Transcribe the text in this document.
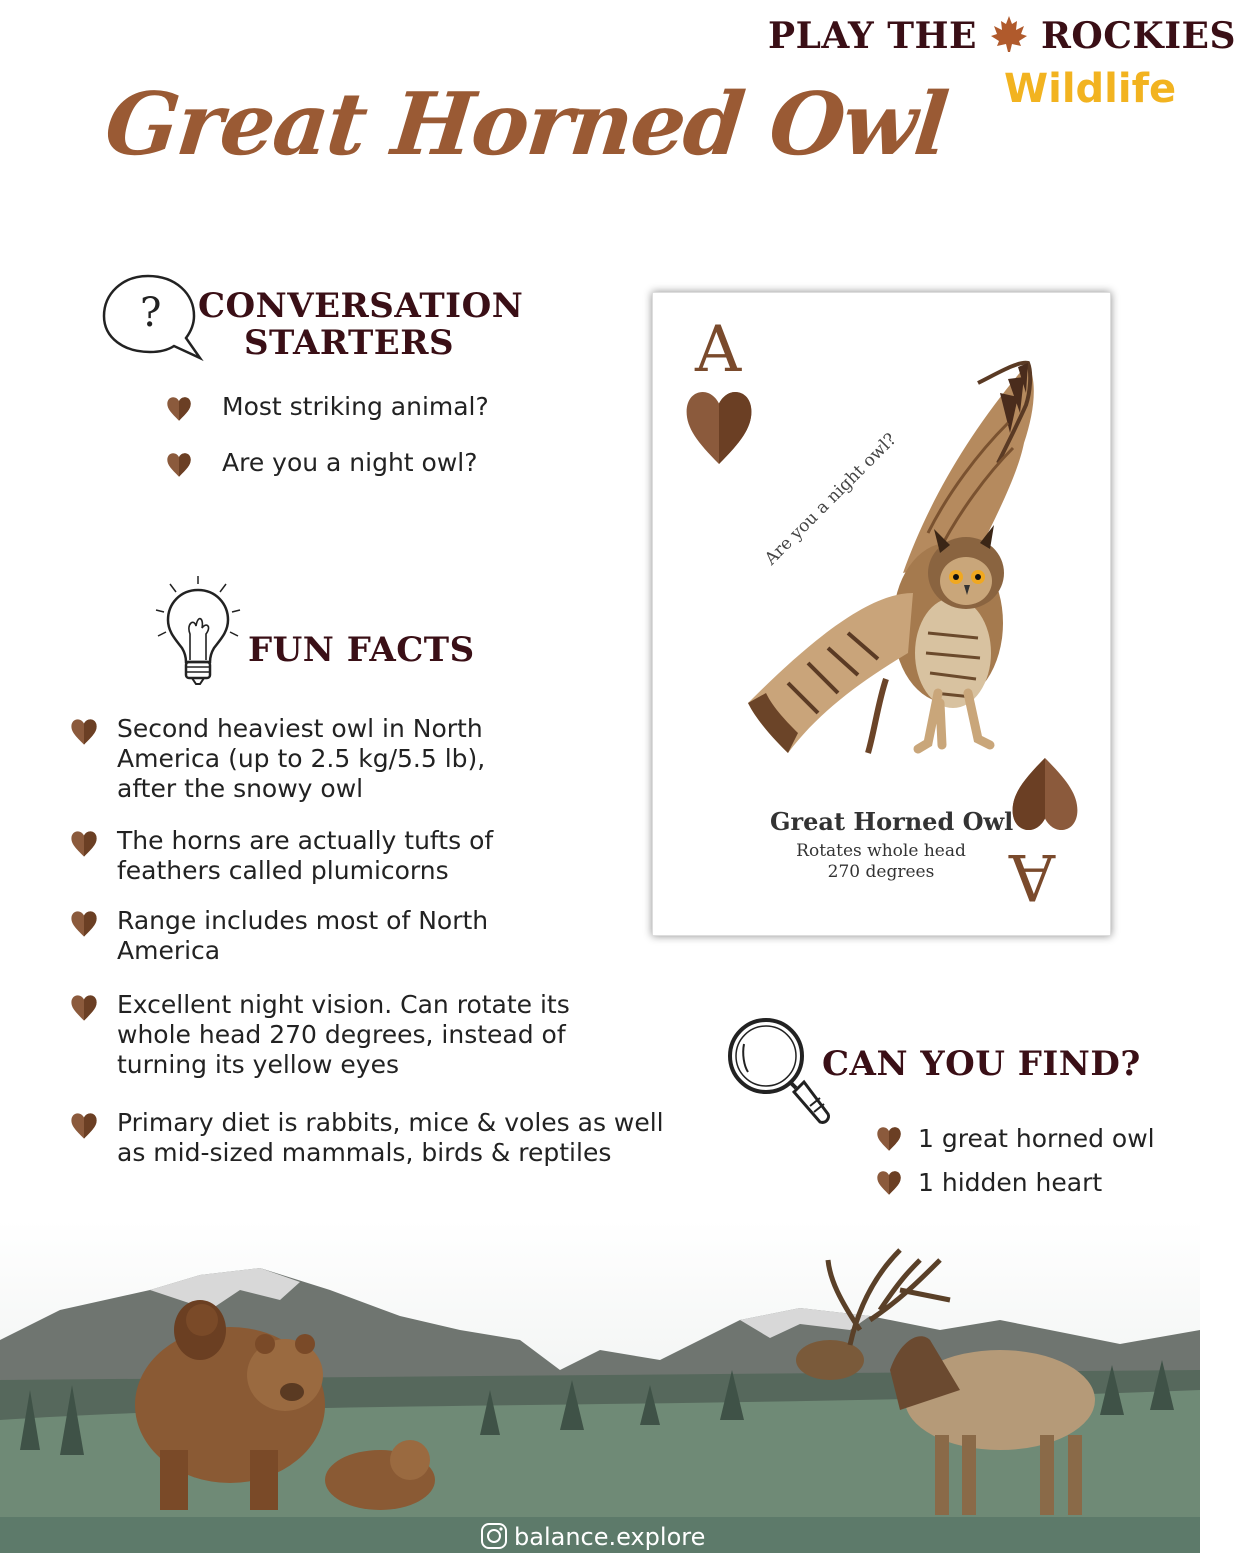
PLAY THE ROCKIES
Wildlife
Great Horned Owl
? CONVERSATION
STARTERS
Most striking animal?
Are you a night owl?
FUN FACTS
Second heaviest owl in North
America (up to 2.5 kg/5.5 lb),
after the snowy owl
The horns are actually tufts of
feathers called plumicorns
Range includes most of North
America
Excellent night vision. Can rotate its
whole head 270 degrees, instead of
turning its yellow eyes
Primary diet is rabbits, mice & voles as well
as mid-sized mammals, birds & reptiles
A
Are you a night owl?
A
Great Horned Owl
Rotates whole head
270 degrees
CAN YOU FIND?
1 great horned owl
1 hidden heart
balance.explore
